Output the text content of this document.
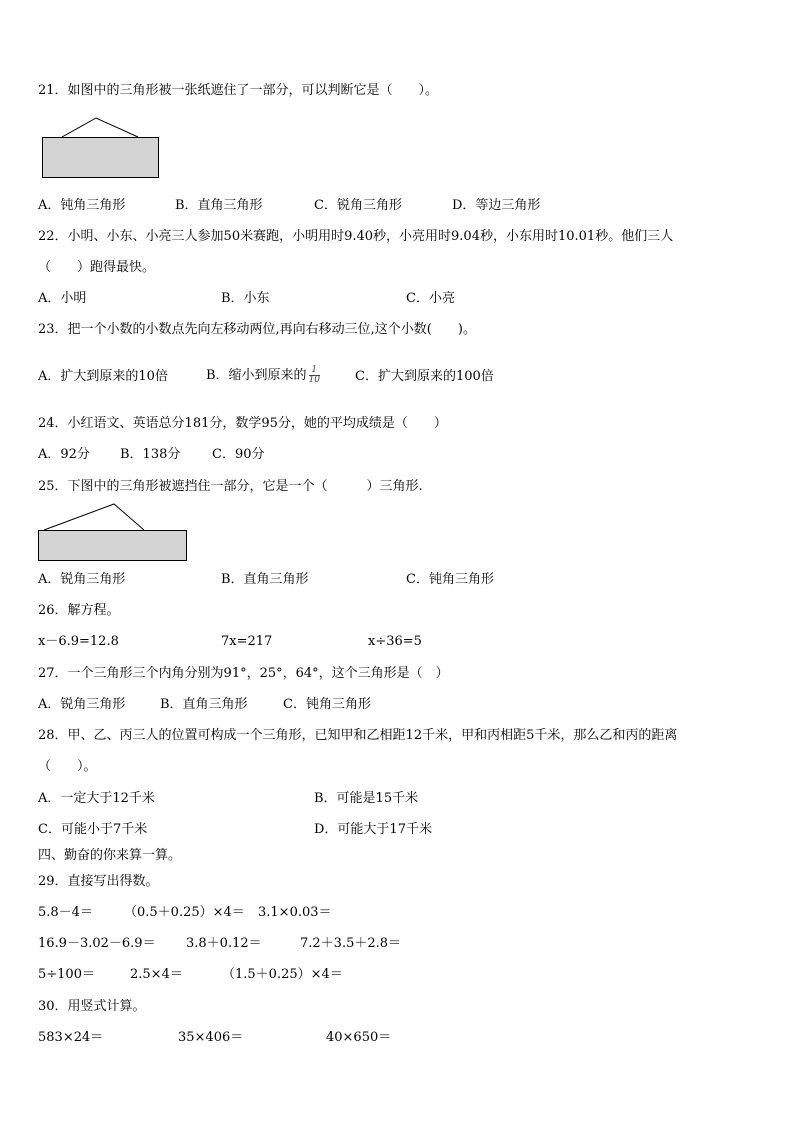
21．如图中的三角形被一张纸遮住了一部分，可以判断它是（　　）。
A．钝角三角形	B．直角三角形	C．锐角三角形	D．等边三角形
22．小明、小东、小亮三人参加50米赛跑，小明用时9.40秒，小亮用时9.04秒，小东用时10.01秒。他们三人
（　　）跑得最快。
A．小明	B．小东	C．小亮
23．把一个小数的小数点先向左移动两位,再向右移动三位,这个小数(　　)。
A．扩大到原来的10倍	B．缩小到原来的 $\frac{1}{10}$	C．扩大到原来的100倍
24．小红语文、英语总分181分，数学95分，她的平均成绩是（　　）
A．92分 B．138分 C．90分
25．下图中的三角形被遮挡住一部分，它是一个（　　　）三角形.
A．锐角三角形	B．直角三角形	C．钝角三角形
26．解方程。
x－6.9=12.8	7x=217	x÷36=5
27．一个三角形三个内角分别为91°，25°，64°，这个三角形是（　）
A．锐角三角形	B．直角三角形	C．钝角三角形
28．甲、乙、丙三人的位置可构成一个三角形，已知甲和乙相距12千米，甲和丙相距5千米，那么乙和丙的距离
（　　）。
A．一定大于12千米	B．可能是15千米
C．可能小于7千米	D．可能大于17千米
四、勤奋的你来算一算。
29．直接写出得数。
5.8－4＝ （0.5＋0.25）×4＝ 3.1×0.03＝
16.9－3.02－6.9＝ 3.8＋0.12＝	7.2＋3.5＋2.8＝
5÷100＝	2.5×4＝	（1.5＋0.25）×4＝
30．用竖式计算。
583×24＝	35×406＝	40×650＝
